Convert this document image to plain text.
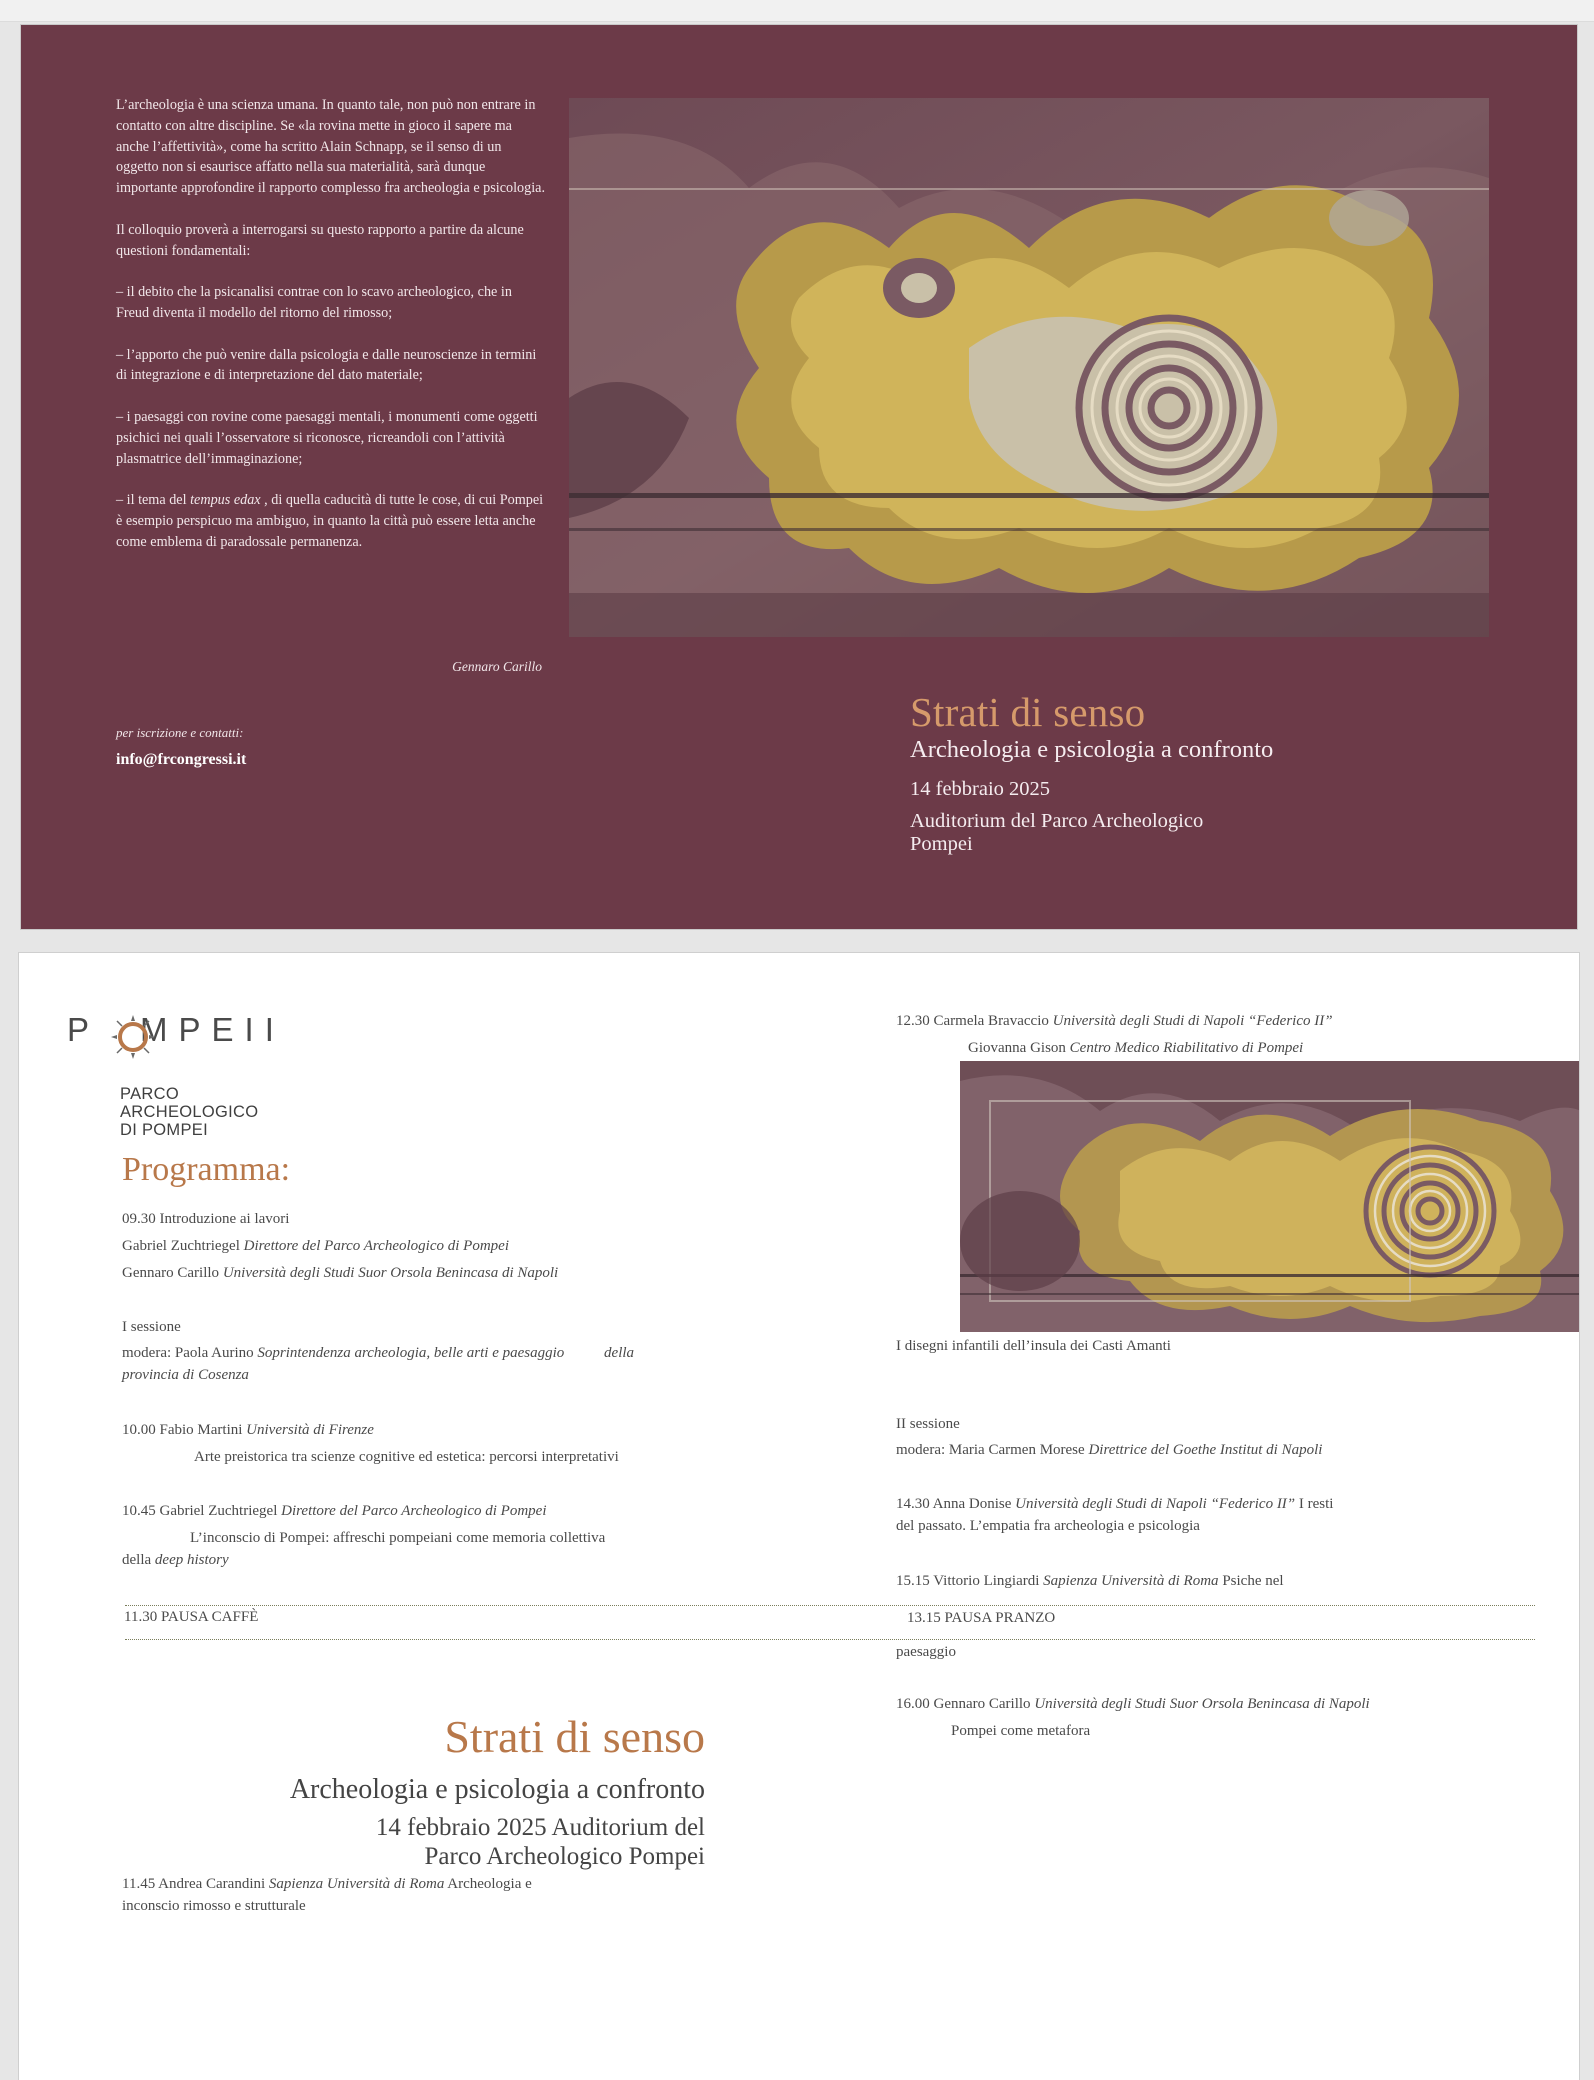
L’archeologia è una scienza umana. In quanto tale, non può non entrare in contatto con altre discipline. Se «la rovina mette in gioco il sapere ma anche l’affettività», come ha scritto Alain Schnapp, se il senso di un oggetto non si esaurisce affatto nella sua materialità, sarà dunque importante approfondire il rapporto complesso fra archeologia e psicologia.

Il colloquio proverà a interrogarsi su questo rapporto a partire da alcune questioni fondamentali:

– il debito che la psicanalisi contrae con lo scavo archeologico, che in Freud diventa il modello del ritorno del rimosso;

– l’apporto che può venire dalla psicologia e dalle neuroscienze in termini di integrazione e di interpretazione del dato materiale;

– i paesaggi con rovine come paesaggi mentali, i monumenti come oggetti psichici nei quali l’osservatore si riconosce, ricreandoli con l’attività plasmatrice dell’immaginazione;

– il tema del tempus edax , di quella caducità di tutte le cose, di cui Pompei è esempio perspicuo ma ambiguo, in quanto la città può essere letta anche come emblema di paradossale permanenza.

Gennaro Carillo
per iscrizione e contatti:
info@frcongressi.it
Strati di senso
Archeologia e psicologia a confronto
14 febbraio 2025
Auditorium del Parco Archeologico
Pompei
P MPEII
PARCO
ARCHEOLOGICO
DI POMPEI
Programma:
09.30 Introduzione ai lavori
Gabriel Zuchtriegel Direttore del Parco Archeologico di Pompei
Gennaro Carillo Università degli Studi Suor Orsola Benincasa di Napoli
I sessione
modera: Paola Aurino Soprintendenza archeologia, belle arti e paesaggio	della
provincia di Cosenza
10.00 Fabio Martini Università di Firenze
Arte preistorica tra scienze cognitive ed estetica: percorsi interpretativi
10.45 Gabriel Zuchtriegel Direttore del Parco Archeologico di Pompei
L’inconscio di Pompei: affreschi pompeiani come memoria collettiva
della deep history
11.30 PAUSA CAFFÈ	13.15 PAUSA PRANZO
Strati di senso
Archeologia e psicologia a confronto
14 febbraio 2025 Auditorium del
Parco Archeologico Pompei
11.45 Andrea Carandini Sapienza Università di Roma Archeologia e
inconscio rimosso e strutturale
12.30 Carmela Bravaccio Università degli Studi di Napoli “Federico II”
Giovanna Gison Centro Medico Riabilitativo di Pompei
I disegni infantili dell’insula dei Casti Amanti
II sessione
modera: Maria Carmen Morese Direttrice del Goethe Institut di Napoli
14.30 Anna Donise Università degli Studi di Napoli “Federico II” I resti
del passato. L’empatia fra archeologia e psicologia
15.15 Vittorio Lingiardi Sapienza Università di Roma Psiche nel
paesaggio
16.00 Gennaro Carillo Università degli Studi Suor Orsola Benincasa di Napoli
Pompei come metafora
